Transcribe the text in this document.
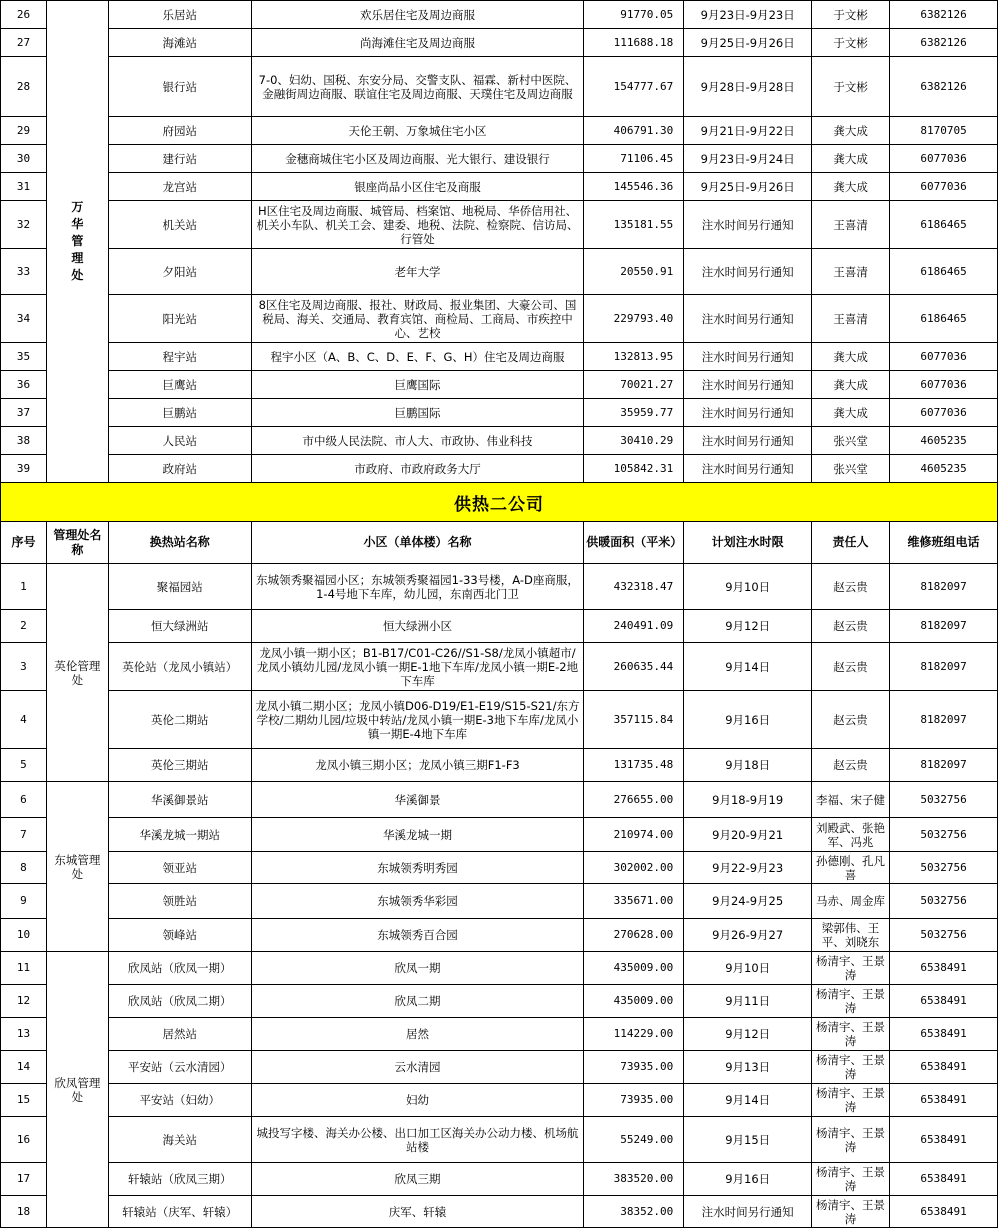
26	万华管理处	乐居站	欢乐居住宅及周边商服	91770.05	9月23日-9月23日	于文彬	6382126
27		海滩站	尚海滩住宅及周边商服	111688.18	9月25日-9月26日	于文彬	6382126
28		银行站	7-0、妇幼、国税、东安分局、交警支队、福霖、新村中医院、金融街周边商服、联谊住宅及周边商服、天璞住宅及周边商服	154777.67	9月28日-9月28日	于文彬	6382126
29		府园站	天伦王朝、万象城住宅小区	406791.30	9月21日-9月22日	龚大成	8170705
30		建行站	金穗商城住宅小区及周边商服、光大银行、建设银行	71106.45	9月23日-9月24日	龚大成	6077036
31		龙宫站	银座尚品小区住宅及商服	145546.36	9月25日-9月26日	龚大成	6077036
32		机关站	H区住宅及周边商服、城管局、档案馆、地税局、华侨信用社、机关小车队、机关工会、建委、地税、法院、检察院、信访局、行管处	135181.55	注水时间另行通知	王喜清	6186465
33		夕阳站	老年大学	20550.91	注水时间另行通知	王喜清	6186465
34		阳光站	8区住宅及周边商服、报社、财政局、报业集团、大豪公司、国税局、海关、交通局、教育宾馆、商检局、工商局、市疾控中心、艺校	229793.40	注水时间另行通知	王喜清	6186465
35		程宇站	程宇小区（A、B、C、D、E、F、G、H）住宅及周边商服	132813.95	注水时间另行通知	龚大成	6077036
36		巨鹰站	巨鹰国际	70021.27	注水时间另行通知	龚大成	6077036
37		巨鹏站	巨鹏国际	35959.77	注水时间另行通知	龚大成	6077036
38		人民站	市中级人民法院、市人大、市政协、伟业科技	30410.29	注水时间另行通知	张兴堂	4605235
39		政府站	市政府、市政府政务大厅	105842.31	注水时间另行通知	张兴堂	4605235
供热二公司
序号	管理处名称	换热站名称	小区（单体楼）名称	供暖面积（平米）	计划注水时限	责任人	维修班组电话
1	英伦管理处	聚福园站	东城领秀聚福园小区；东城领秀聚福园1-33号楼，A-D座商服，1-4号地下车库，幼儿园，东南西北门卫	432318.47	9月10日	赵云贵	8182097
2		恒大绿洲站	恒大绿洲小区	240491.09	9月12日	赵云贵	8182097
3		英伦站（龙凤小镇站）	龙凤小镇一期小区；B1-B17/C01-C26//S1-S8/龙凤小镇超市/龙凤小镇幼儿园/龙凤小镇一期E-1地下车库/龙凤小镇一期E-2地下车库	260635.44	9月14日	赵云贵	8182097
4		英伦二期站	龙凤小镇二期小区；龙凤小镇D06-D19/E1-E19/S15-S21/东方学校/二期幼儿园/垃圾中转站/龙凤小镇一期E-3地下车库/龙凤小镇一期E-4地下车库	357115.84	9月16日	赵云贵	8182097
5		英伦三期站	龙凤小镇三期小区；龙凤小镇三期F1-F3	131735.48	9月18日	赵云贵	8182097
6	东城管理处	华溪御景站	华溪御景	276655.00	9月18-9月19	李福、宋子健	5032756
7		华溪龙城一期站	华溪龙城一期	210974.00	9月20-9月21	刘殿武、张艳军、冯兆	5032756
8		领亚站	东城领秀明秀园	302002.00	9月22-9月23	孙德刚、孔凡喜	5032756
9		领胜站	东城领秀华彩园	335671.00	9月24-9月25	马赤、周金库	5032756
10		领峰站	东城领秀百合园	270628.00	9月26-9月27	梁郭伟、王平、刘晓东	5032756
11	欣凤管理处	欣凤站（欣凤一期）	欣凤一期	435009.00	9月10日	杨清宇、王景涛	6538491
12		欣凤站（欣凤二期）	欣凤二期	435009.00	9月11日	杨清宇、王景涛	6538491
13		居然站	居然	114229.00	9月12日	杨清宇、王景涛	6538491
14		平安站（云水清园）	云水清园	73935.00	9月13日	杨清宇、王景涛	6538491
15		平安站（妇幼）	妇幼	73935.00	9月14日	杨清宇、王景涛	6538491
16		海关站	城投写字楼、海关办公楼、出口加工区海关办公动力楼、机场航站楼	55249.00	9月15日	杨清宇、王景涛	6538491
17		轩辕站（欣凤三期）	欣凤三期	383520.00	9月16日	杨清宇、王景涛	6538491
18		轩辕站（庆军、轩辕）	庆军、轩辕	38352.00	注水时间另行通知	杨清宇、王景涛	6538491
